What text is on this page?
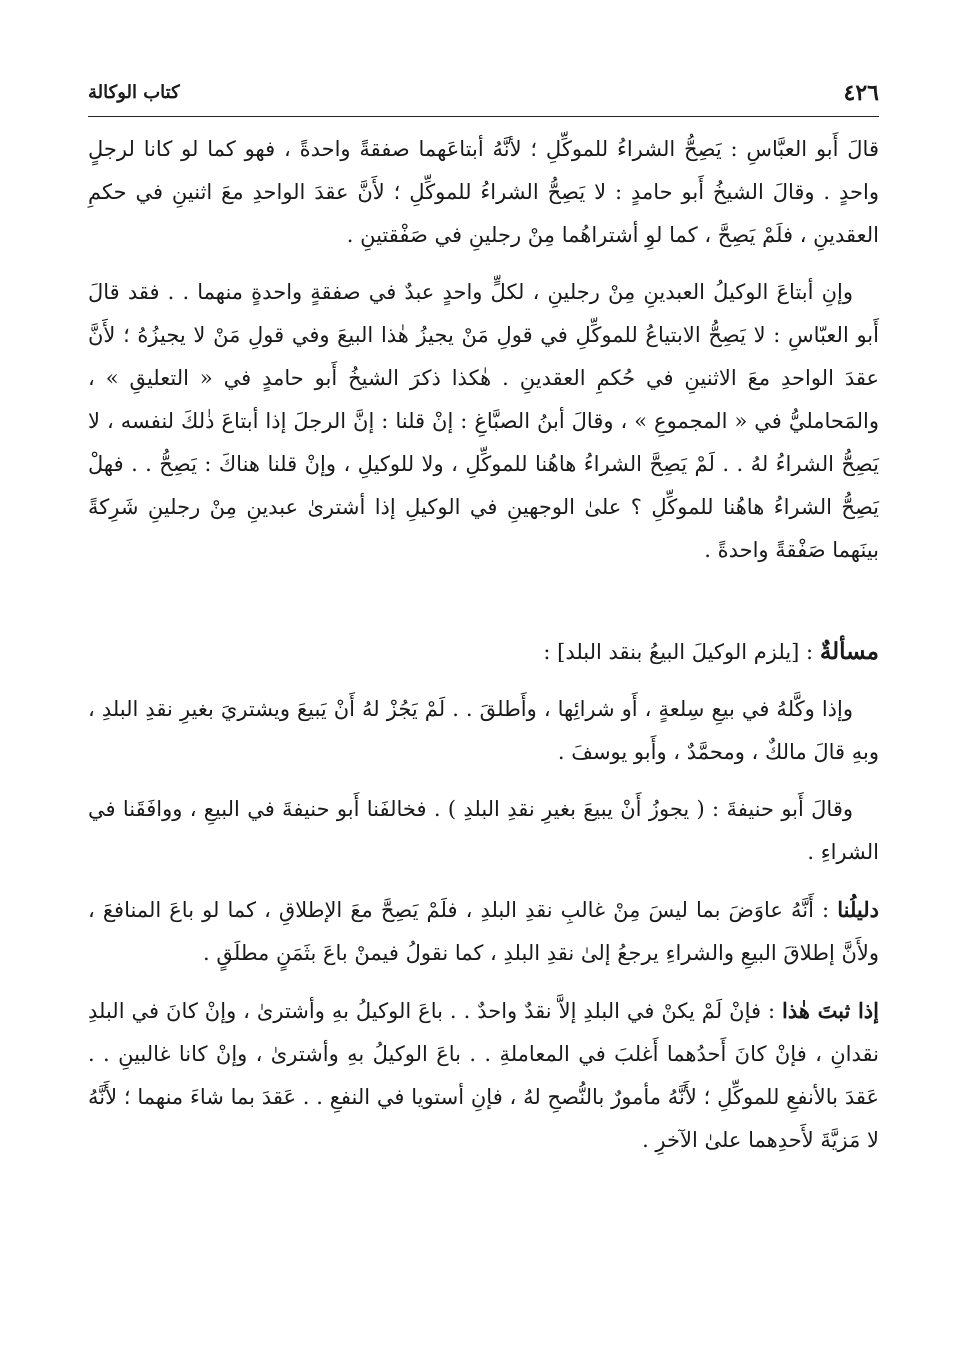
٤٢٦
كتاب الوكالة

قالَ أَبو العبَّاسِ : يَصِحُّ الشراءُ للموكِّلِ ؛ لأنَّهُ أبتاعَهما صفقةً واحدةً ، فهو كما لو كانا لرجلٍ واحدٍ . وقالَ الشيخُ أَبو حامدٍ : لا يَصِحُّ الشراءُ للموكِّلِ ؛ لأَنَّ عقدَ الواحدِ معَ اثنينِ في حكمِ العقدينِ ، فلَمْ يَصِحَّ ، كما لوِ أشتراهُما مِنْ رجلينِ في صَفْقتينِ .

وإنِ أبتاعَ الوكيلُ العبدينِ مِنْ رجلينِ ، لكلٍّ واحدٍ عبدٌ في صفقةٍ واحدةٍ منهما . . فقد قالَ أَبو العبّاسِ : لا يَصِحُّ الابتياعُ للموكِّلِ في قولِ مَنْ يجيزُ هٰذا البيعَ وفي قولِ مَنْ لا يجيزُهُ ؛ لأَنَّ عقدَ الواحدِ معَ الاثنينِ في حُكمِ العقدينِ . هٰكذا ذكرَ الشيخُ أَبو حامدٍ في « التعليقِ » ، والمَحامليُّ في « المجموعِ » ، وقالَ أبنُ الصبَّاغِ : إنْ قلنا : إنَّ الرجلَ إذا أبتاعَ ذٰلكَ لنفسه ، لا يَصِحُّ الشراءُ لهُ . . لَمْ يَصِحَّ الشراءُ هاهُنا للموكِّلِ ، ولا للوكيلِ ، وإنْ قلنا هناكَ : يَصِحُّ . . فهلْ يَصِحُّ الشراءُ هاهُنا للموكِّلِ ؟ علىٰ الوجهينِ في الوكيلِ إذا أشترىٰ عبدينِ مِنْ رجلينِ شَرِكةً بينَهما صَفْقةً واحدةً .

مسألةٌ : [يلزم الوكيلَ البيعُ بنقد البلد] :

وإذا وكَّلهُ في بيعِ سِلعةٍ ، أَو شرائِها ، وأَطلقَ . . لَمْ يَجُزْ لهُ أَنْ يَبيعَ ويشتريَ بغيرِ نقدِ البلدِ ، وبهِ قالَ مالكٌ ، ومحمَّدٌ ، وأَبو يوسفَ .

وقالَ أَبو حنيفةَ : ( يجوزُ أَنْ يبيعَ بغيرِ نقدِ البلدِ ) . فخالفَنا أَبو حنيفةَ في البيعِ ، ووافَقَنا في الشراءِ .

دليلُنا : أَنَّهُ عاوَضَ بما ليسَ مِنْ غالبِ نقدِ البلدِ ، فلَمْ يَصِحَّ معَ الإطلاقِ ، كما لو باعَ المنافعَ ، ولأَنَّ إطلاقَ البيعِ والشراءِ يرجعُ إلىٰ نقدِ البلدِ ، كما نقولُ فيمنْ باعَ بثَمَنٍ مطلَقٍ .

إذا ثبتَ هٰذا : فإنْ لَمْ يكنْ في البلدِ إلاَّ نقدٌ واحدٌ . . باعَ الوكيلُ بهِ وأشترىٰ ، وإنْ كانَ في البلدِ نقدانِ ، فإنْ كانَ أَحدُهما أَغلبَ في المعاملةِ . . باعَ الوكيلُ بهِ وأشترىٰ ، وإنْ كانا غالبينِ . . عَقدَ بالأنفعِ للموكِّلِ ؛ لأَنَّهُ مأمورٌ بالنُّصحِ لهُ ، فإنِ أستويا في النفعِ . . عَقدَ بما شاءَ منهما ؛ لأَنَّهُ لا مَزيَّةَ لأَحدِهما علىٰ الآخرِ .
